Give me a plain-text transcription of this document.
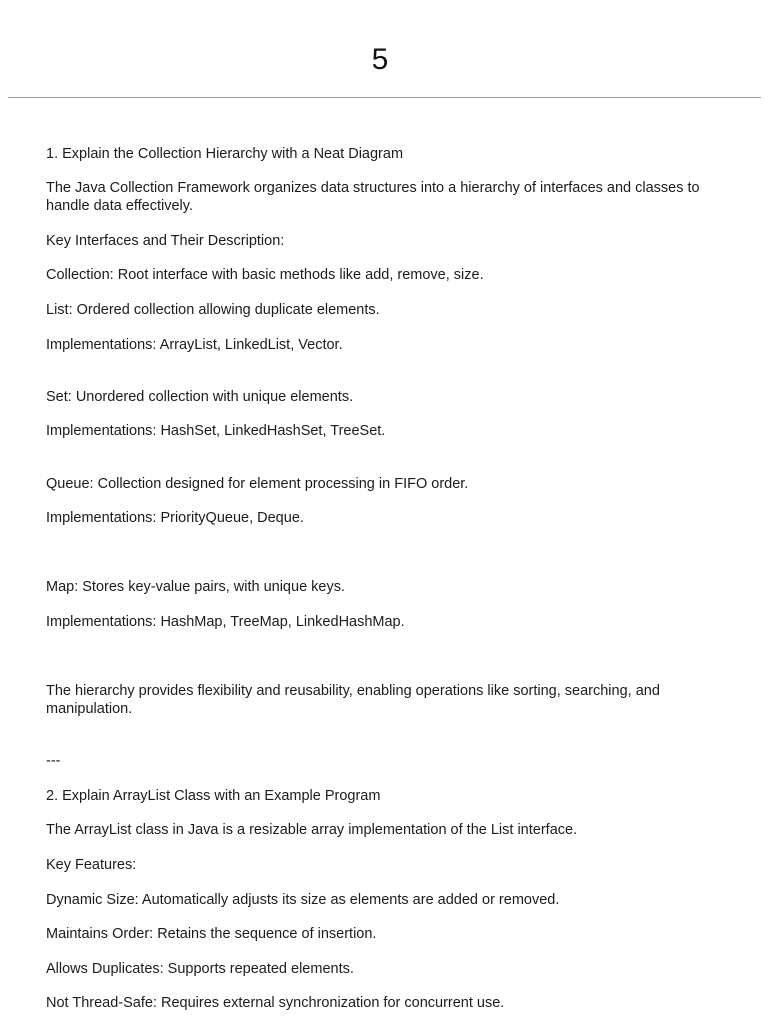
5
1. Explain the Collection Hierarchy with a Neat Diagram
The Java Collection Framework organizes data structures into a hierarchy of interfaces and classes to handle data effectively.
Key Interfaces and Their Description:
Collection: Root interface with basic methods like add, remove, size.
List: Ordered collection allowing duplicate elements.
Implementations: ArrayList, LinkedList, Vector.
Set: Unordered collection with unique elements.
Implementations: HashSet, LinkedHashSet, TreeSet.
Queue: Collection designed for element processing in FIFO order.
Implementations: PriorityQueue, Deque.
Map: Stores key-value pairs, with unique keys.
Implementations: HashMap, TreeMap, LinkedHashMap.
The hierarchy provides flexibility and reusability, enabling operations like sorting, searching, and manipulation.
---
2. Explain ArrayList Class with an Example Program
The ArrayList class in Java is a resizable array implementation of the List interface.
Key Features:
Dynamic Size: Automatically adjusts its size as elements are added or removed.
Maintains Order: Retains the sequence of insertion.
Allows Duplicates: Supports repeated elements.
Not Thread-Safe: Requires external synchronization for concurrent use.
